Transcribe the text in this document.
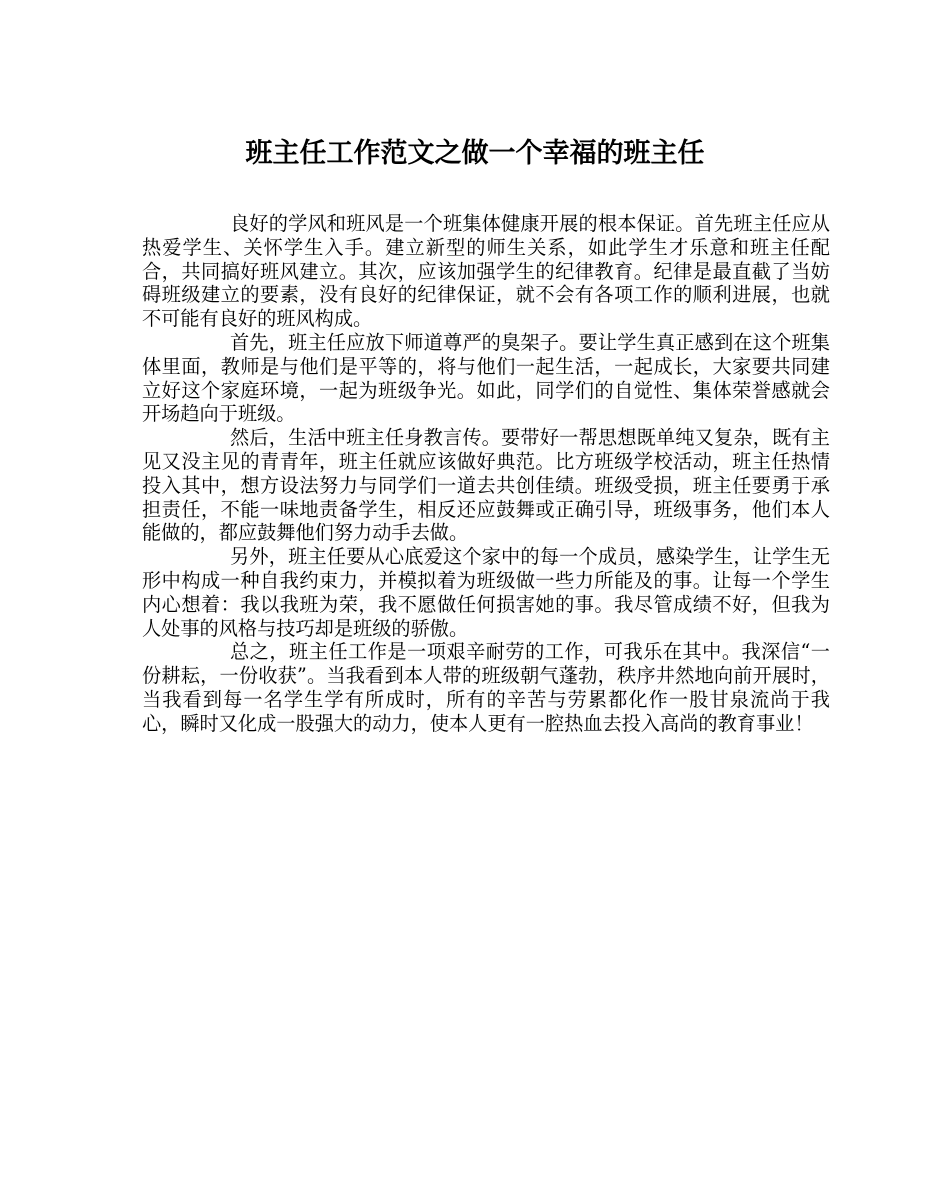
班主任工作范文之做一个幸福的班主任

良好的学风和班风是一个班集体健康开展的根本保证。首先班主任应从热爱学生、关怀学生入手。建立新型的师生关系，如此学生才乐意和班主任配合，共同搞好班风建立。其次，应该加强学生的纪律教育。纪律是最直截了当妨碍班级建立的要素，没有良好的纪律保证，就不会有各项工作的顺利进展，也就不可能有良好的班风构成。

首先，班主任应放下师道尊严的臭架子。要让学生真正感到在这个班集体里面，教师是与他们是平等的，将与他们一起生活，一起成长，大家要共同建立好这个家庭环境，一起为班级争光。如此，同学们的自觉性、集体荣誉感就会开场趋向于班级。

然后，生活中班主任身教言传。要带好一帮思想既单纯又复杂，既有主见又没主见的青青年，班主任就应该做好典范。比方班级学校活动，班主任热情投入其中，想方设法努力与同学们一道去共创佳绩。班级受损，班主任要勇于承担责任，不能一味地责备学生，相反还应鼓舞或正确引导，班级事务，他们本人能做的，都应鼓舞他们努力动手去做。

另外，班主任要从心底爱这个家中的每一个成员，感染学生，让学生无形中构成一种自我约束力，并模拟着为班级做一些力所能及的事。让每一个学生内心想着：我以我班为荣，我不愿做任何损害她的事。我尽管成绩不好，但我为人处事的风格与技巧却是班级的骄傲。

总之，班主任工作是一项艰辛耐劳的工作，可我乐在其中。我深信“一份耕耘，一份收获”。当我看到本人带的班级朝气蓬勃，秩序井然地向前开展时，当我看到每一名学生学有所成时，所有的辛苦与劳累都化作一股甘泉流尚于我心，瞬时又化成一股强大的动力，使本人更有一腔热血去投入高尚的教育事业！
